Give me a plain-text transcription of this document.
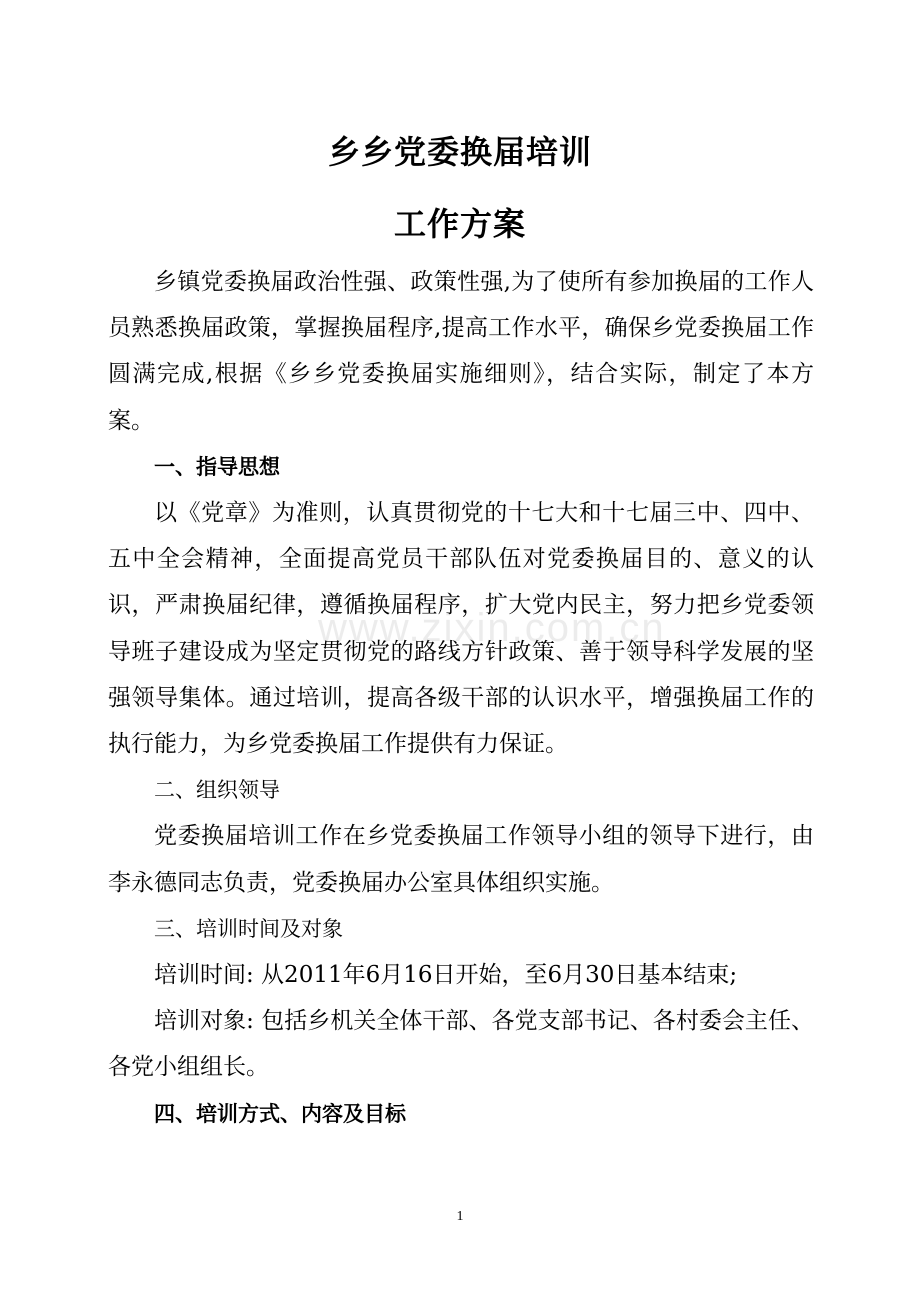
乡乡党委换届培训
工作方案

乡镇党委换届政治性强、政策性强,为了使所有参加换届的工作人员熟悉换届政策，掌握换届程序,提高工作水平，确保乡党委换届工作圆满完成,根据《乡乡党委换届实施细则》，结合实际，制定了本方案。

一、指导思想

以《党章》为准则，认真贯彻党的十七大和十七届三中、四中、五中全会精神，全面提高党员干部队伍对党委换届目的、意义的认识，严肃换届纪律，遵循换届程序，扩大党内民主，努力把乡党委领导班子建设成为坚定贯彻党的路线方针政策、善于领导科学发展的坚强领导集体。通过培训，提高各级干部的认识水平，增强换届工作的执行能力，为乡党委换届工作提供有力保证。

二、组织领导

党委换届培训工作在乡党委换届工作领导小组的领导下进行，由李永德同志负责，党委换届办公室具体组织实施。

三、培训时间及对象

培训时间: 从2011年6月16日开始，至6月30日基本结束;

培训对象: 包括乡机关全体干部、各党支部书记、各村委会主任、各党小组组长。

四、培训方式、内容及目标
www.zixin.com.cn
1
